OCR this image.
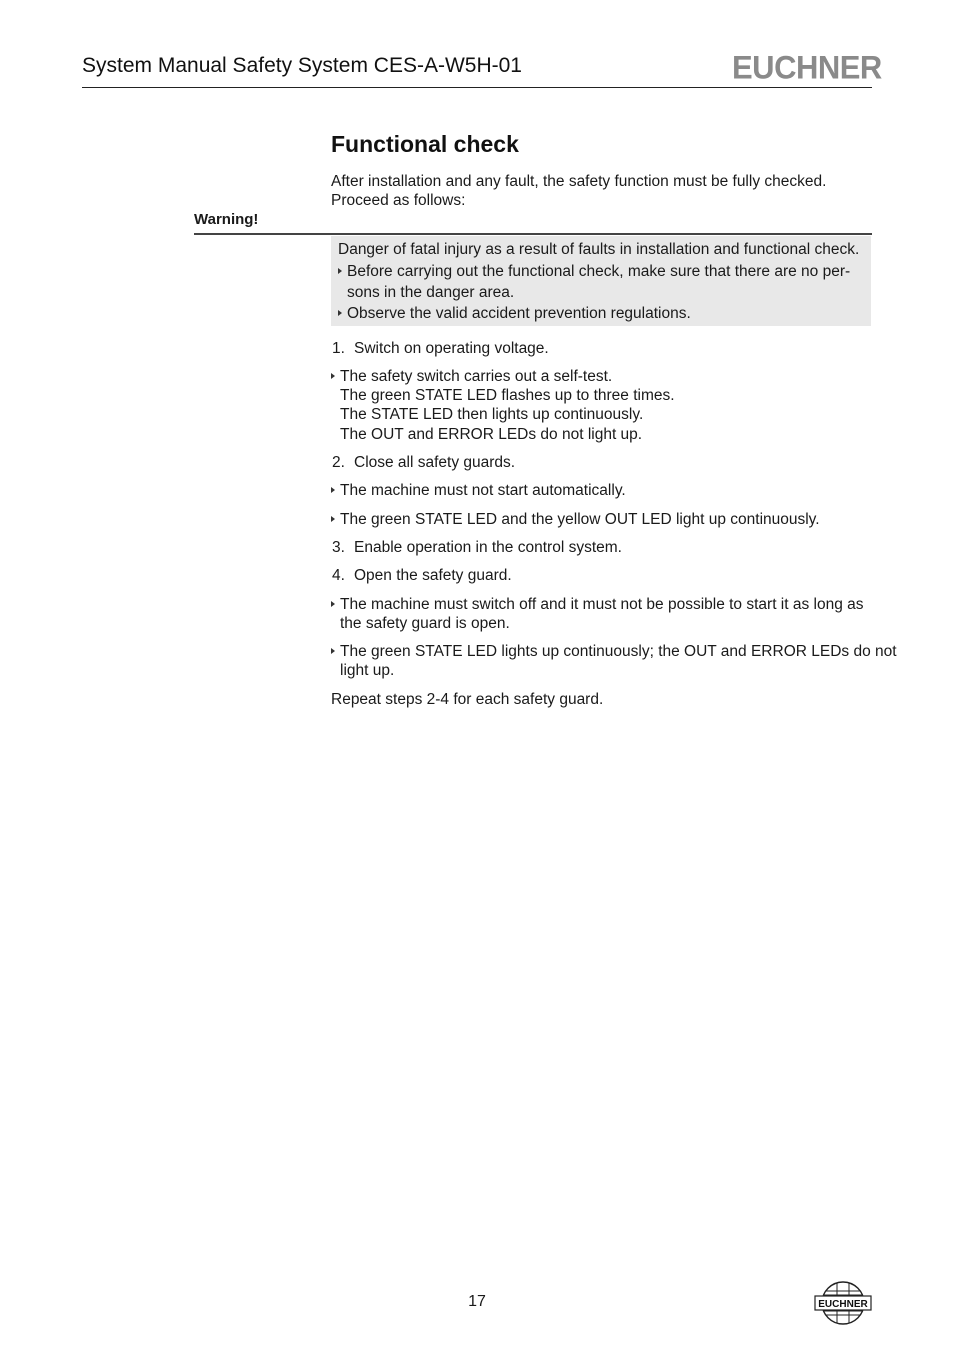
System Manual Safety System CES-A-W5H-01	EUCHNER
Functional check
After installation and any fault, the safety function must be fully checked. Proceed as follows:
Warning!
Danger of fatal injury as a result of faults in installation and functional check.
Before carrying out the functional check, make sure that there are no per-
sons in the danger area.
Observe the valid accident prevention regulations.
1. Switch on operating voltage.
The safety switch carries out a self-test.
The green STATE LED flashes up to three times.
The STATE LED then lights up continuously.
The OUT and ERROR LEDs do not light up.
2. Close all safety guards.
The machine must not start automatically.
The green STATE LED and the yellow OUT LED light up continuously.
3. Enable operation in the control system.
4. Open the safety guard.
The machine must switch off and it must not be possible to start it as long as
the safety guard is open.
The green STATE LED lights up continuously; the OUT and ERROR LEDs do not
light up.
Repeat steps 2-4 for each safety guard.
17	EUCHNER
